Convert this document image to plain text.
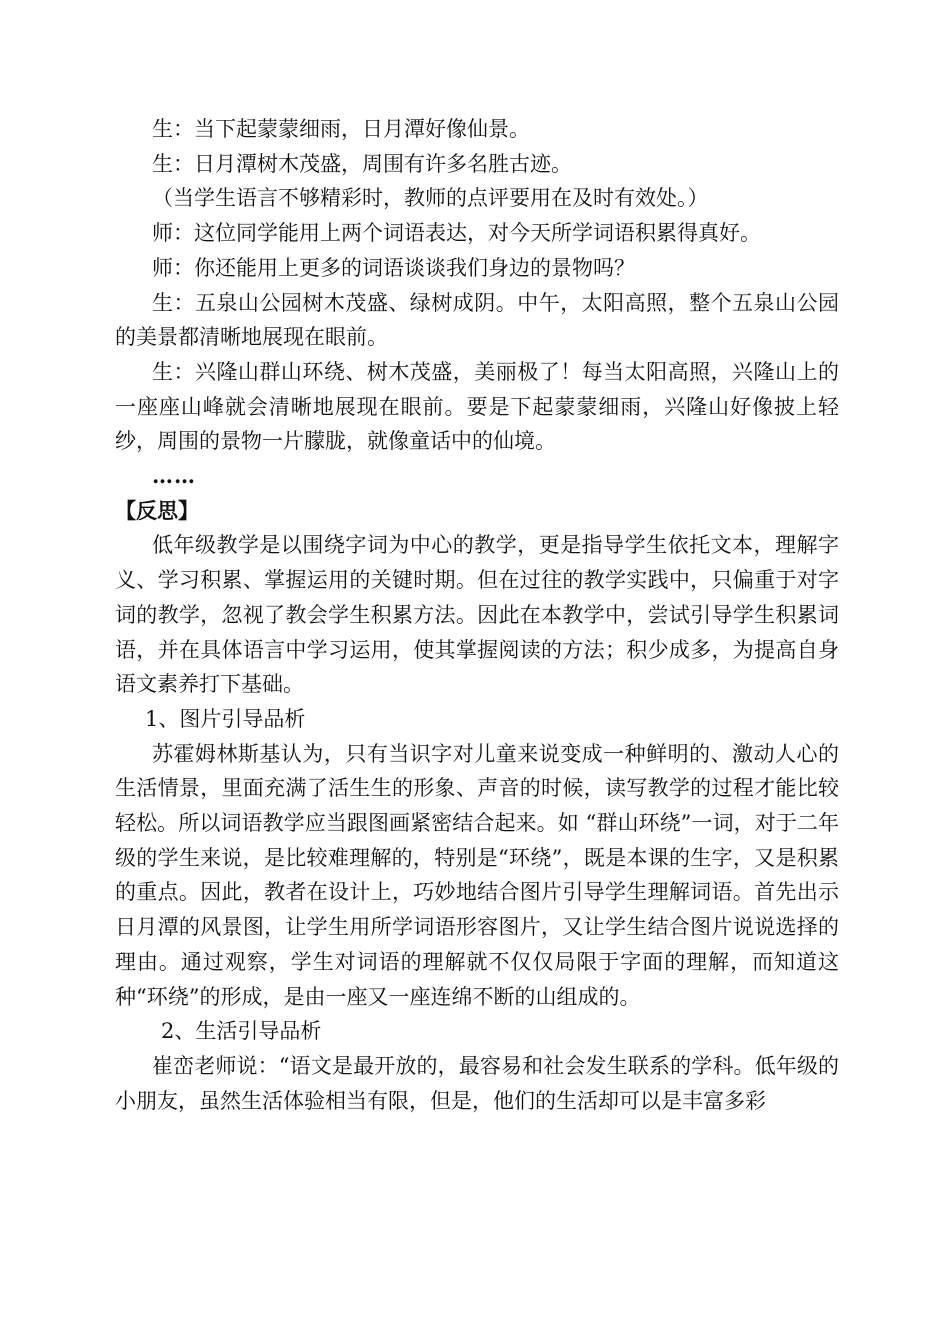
生：当下起蒙蒙细雨，日月潭好像仙景。

生：日月潭树木茂盛，周围有许多名胜古迹。

（当学生语言不够精彩时，教师的点评要用在及时有效处。）

师：这位同学能用上两个词语表达，对今天所学词语积累得真好。

师：你还能用上更多的词语谈谈我们身边的景物吗？

生：五泉山公园树木茂盛、绿树成阴。中午，太阳高照，整个五泉山公园的美景都清晰地展现在眼前。

生：兴隆山群山环绕、树木茂盛，美丽极了！每当太阳高照，兴隆山上的一座座山峰就会清晰地展现在眼前。要是下起蒙蒙细雨，兴隆山好像披上轻纱，周围的景物一片朦胧，就像童话中的仙境。

……

【反思】

低年级教学是以围绕字词为中心的教学，更是指导学生依托文本，理解字义、学习积累、掌握运用的关键时期。但在过往的教学实践中，只偏重于对字词的教学，忽视了教会学生积累方法。因此在本教学中，尝试引导学生积累词语，并在具体语言中学习运用，使其掌握阅读的方法；积少成多，为提高自身语文素养打下基础。

1、图片引导品析

苏霍姆林斯基认为，只有当识字对儿童来说变成一种鲜明的、激动人心的生活情景，里面充满了活生生的形象、声音的时候，读写教学的过程才能比较轻松。所以词语教学应当跟图画紧密结合起来。如 “群山环绕”一词，对于二年级的学生来说，是比较难理解的，特别是“环绕”，既是本课的生字，又是积累的重点。因此，教者在设计上，巧妙地结合图片引导学生理解词语。首先出示日月潭的风景图，让学生用所学词语形容图片，又让学生结合图片说说选择的理由。通过观察，学生对词语的理解就不仅仅局限于字面的理解，而知道这种“环绕”的形成，是由一座又一座连绵不断的山组成的。

2、生活引导品析

崔峦老师说：“语文是最开放的，最容易和社会发生联系的学科。低年级的小朋友，虽然生活体验相当有限，但是，他们的生活却可以是丰富多彩
